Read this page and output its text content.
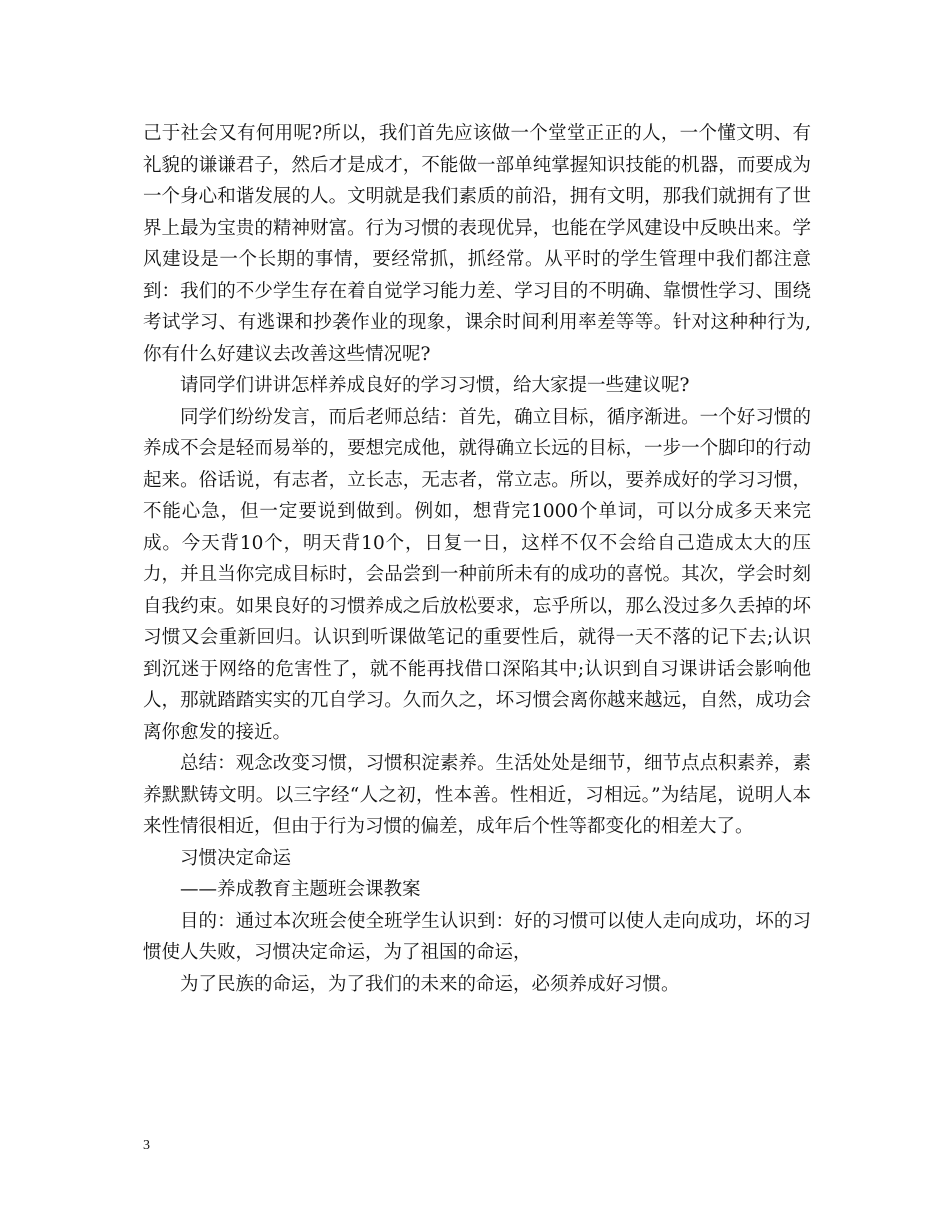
己于社会又有何用呢?所以，我们首先应该做一个堂堂正正的人，一个懂文明、有礼貌的谦谦君子，然后才是成才，不能做一部单纯掌握知识技能的机器，而要成为一个身心和谐发展的人。文明就是我们素质的前沿，拥有文明，那我们就拥有了世界上最为宝贵的精神财富。行为习惯的表现优异，也能在学风建设中反映出来。学风建设是一个长期的事情，要经常抓，抓经常。从平时的学生管理中我们都注意到：我们的不少学生存在着自觉学习能力差、学习目的不明确、靠惯性学习、围绕考试学习、有逃课和抄袭作业的现象，课余时间利用率差等等。针对这种种行为,你有什么好建议去改善这些情况呢?

请同学们讲讲怎样养成良好的学习习惯，给大家提一些建议呢?

同学们纷纷发言，而后老师总结：首先，确立目标，循序渐进。一个好习惯的养成不会是轻而易举的，要想完成他，就得确立长远的目标，一步一个脚印的行动起来。俗话说，有志者，立长志，无志者，常立志。所以，要养成好的学习习惯，不能心急，但一定要说到做到。例如，想背完1000个单词，可以分成多天来完成。今天背10个，明天背10个，日复一日，这样不仅不会给自己造成太大的压力，并且当你完成目标时，会品尝到一种前所未有的成功的喜悦。其次，学会时刻自我约束。如果良好的习惯养成之后放松要求，忘乎所以，那么没过多久丢掉的坏习惯又会重新回归。认识到听课做笔记的重要性后，就得一天不落的记下去;认识到沉迷于网络的危害性了，就不能再找借口深陷其中;认识到自习课讲话会影响他人，那就踏踏实实的兀自学习。久而久之，坏习惯会离你越来越远，自然，成功会离你愈发的接近。

总结：观念改变习惯，习惯积淀素养。生活处处是细节，细节点点积素养，素养默默铸文明。以三字经“人之初，性本善。性相近，习相远。”为结尾，说明人本来性情很相近，但由于行为习惯的偏差，成年后个性等都变化的相差大了。

习惯决定命运

——养成教育主题班会课教案

目的：通过本次班会使全班学生认识到：好的习惯可以使人走向成功，坏的习惯使人失败，习惯决定命运，为了祖国的命运，

为了民族的命运，为了我们的未来的命运，必须养成好习惯。

3
